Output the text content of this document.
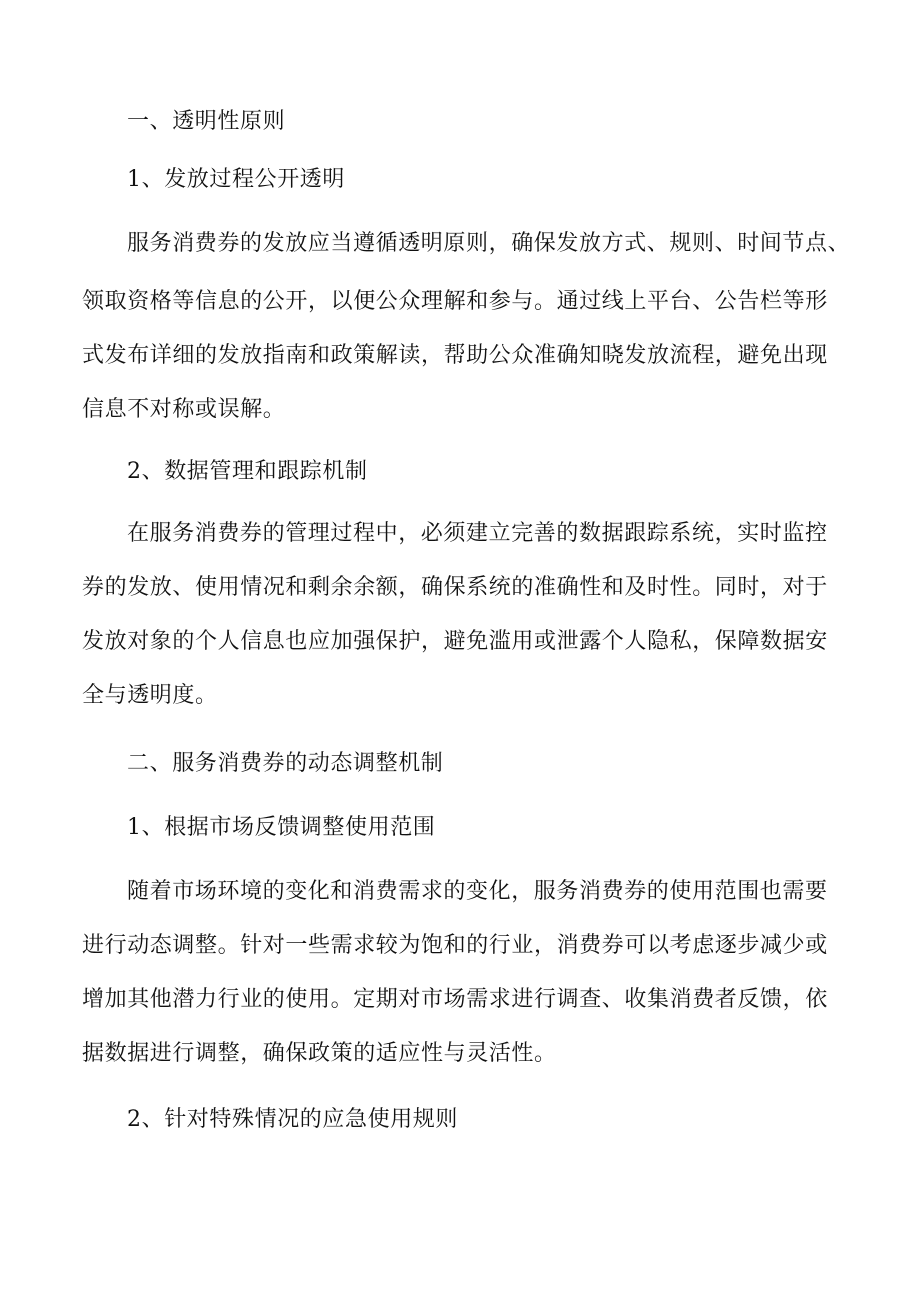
一、透明性原则
1、发放过程公开透明
服务消费券的发放应当遵循透明原则，确保发放方式、规则、时间节点、
领取资格等信息的公开，以便公众理解和参与。通过线上平台、公告栏等形
式发布详细的发放指南和政策解读，帮助公众准确知晓发放流程，避免出现
信息不对称或误解。
2、数据管理和跟踪机制
在服务消费券的管理过程中，必须建立完善的数据跟踪系统，实时监控
券的发放、使用情况和剩余余额，确保系统的准确性和及时性。同时，对于
发放对象的个人信息也应加强保护，避免滥用或泄露个人隐私，保障数据安
全与透明度。
二、服务消费券的动态调整机制
1、根据市场反馈调整使用范围
随着市场环境的变化和消费需求的变化，服务消费券的使用范围也需要
进行动态调整。针对一些需求较为饱和的行业，消费券可以考虑逐步减少或
增加其他潜力行业的使用。定期对市场需求进行调查、收集消费者反馈，依
据数据进行调整，确保政策的适应性与灵活性。
2、针对特殊情况的应急使用规则
